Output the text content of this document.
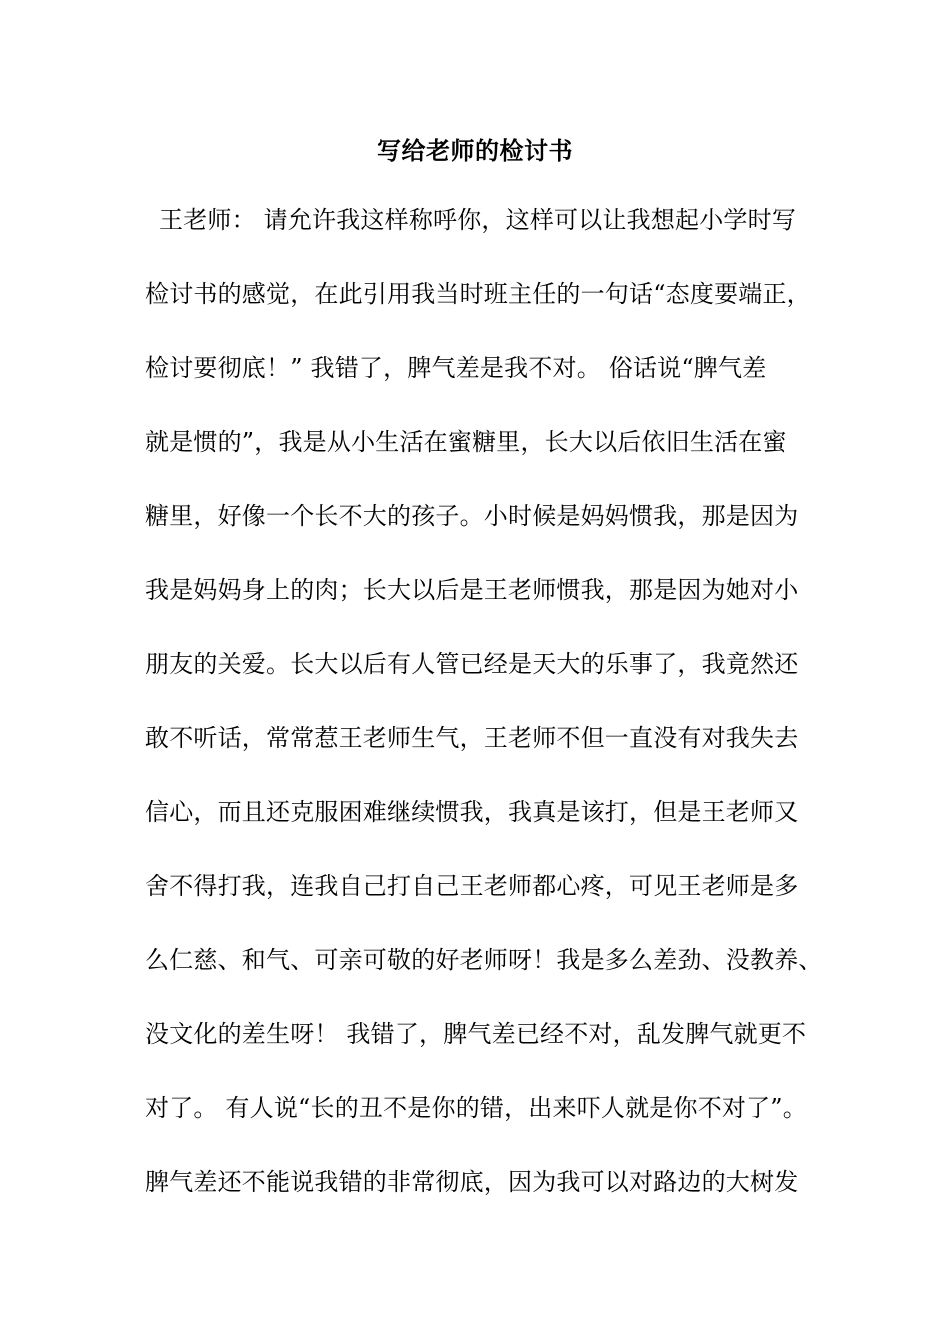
写给老师的检讨书
王老师： 请允许我这样称呼你，这样可以让我想起小学时写
检讨书的感觉，在此引用我当时班主任的一句话“态度要端正，
检讨要彻底！” 我错了，脾气差是我不对。 俗话说“脾气差
就是惯的”，我是从小生活在蜜糖里，长大以后依旧生活在蜜
糖里，好像一个长不大的孩子。小时候是妈妈惯我，那是因为
我是妈妈身上的肉；长大以后是王老师惯我，那是因为她对小
朋友的关爱。长大以后有人管已经是天大的乐事了，我竟然还
敢不听话，常常惹王老师生气，王老师不但一直没有对我失去
信心，而且还克服困难继续惯我，我真是该打，但是王老师又
舍不得打我，连我自己打自己王老师都心疼，可见王老师是多
么仁慈、和气、可亲可敬的好老师呀！我是多么差劲、没教养、
没文化的差生呀！ 我错了，脾气差已经不对，乱发脾气就更不
对了。 有人说“长的丑不是你的错，出来吓人就是你不对了”。
脾气差还不能说我错的非常彻底，因为我可以对路边的大树发
